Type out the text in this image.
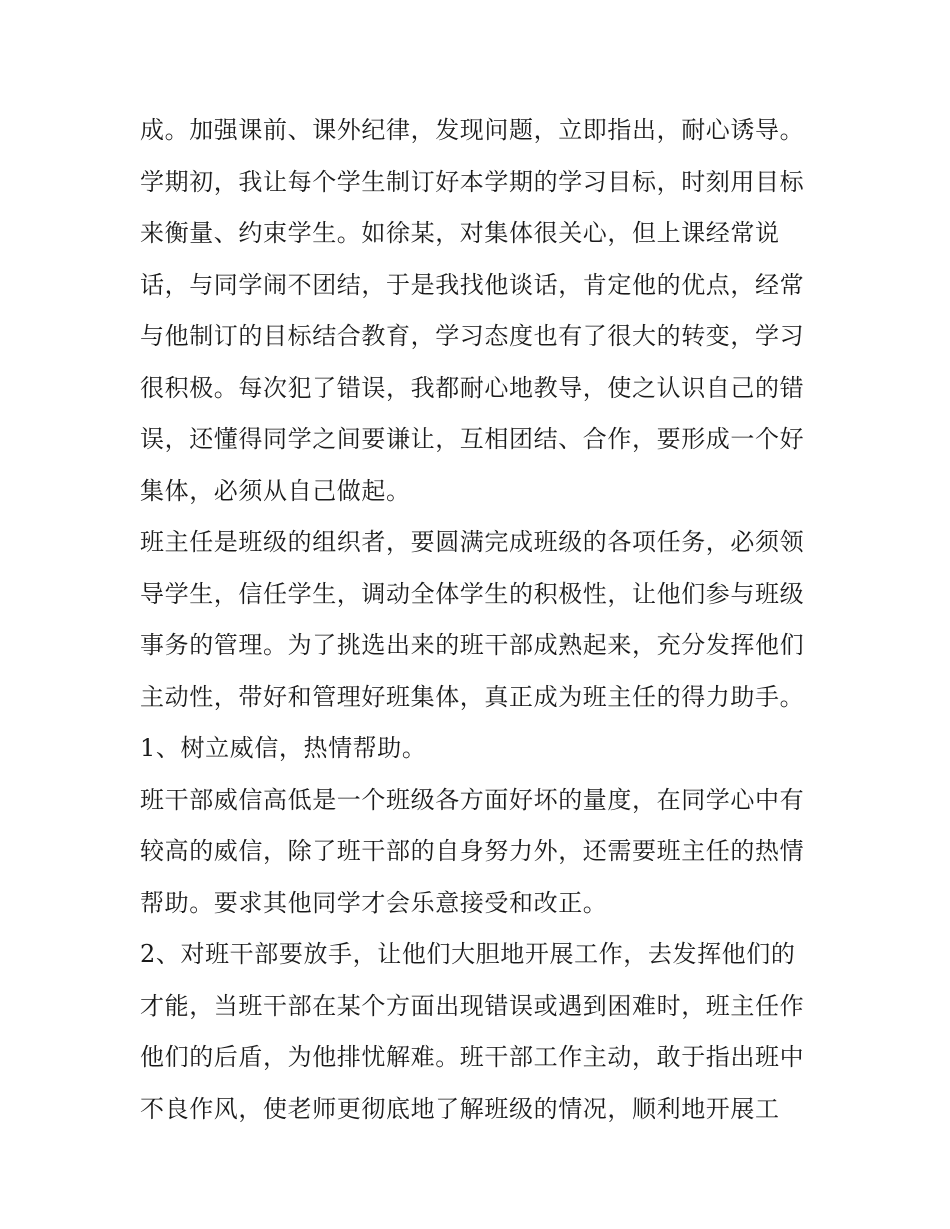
成。加强课前、课外纪律，发现问题，立即指出，耐心诱导。
学期初，我让每个学生制订好本学期的学习目标，时刻用目标
来衡量、约束学生。如徐某，对集体很关心，但上课经常说
话，与同学闹不团结，于是我找他谈话，肯定他的优点，经常
与他制订的目标结合教育，学习态度也有了很大的转变，学习
很积极。每次犯了错误，我都耐心地教导，使之认识自己的错
误，还懂得同学之间要谦让，互相团结、合作，要形成一个好
集体，必须从自己做起。
班主任是班级的组织者，要圆满完成班级的各项任务，必须领
导学生，信任学生，调动全体学生的积极性，让他们参与班级
事务的管理。为了挑选出来的班干部成熟起来，充分发挥他们
主动性，带好和管理好班集体，真正成为班主任的得力助手。
1、树立威信，热情帮助。
班干部威信高低是一个班级各方面好坏的量度，在同学心中有
较高的威信，除了班干部的自身努力外，还需要班主任的热情
帮助。要求其他同学才会乐意接受和改正。
2、对班干部要放手，让他们大胆地开展工作，去发挥他们的
才能，当班干部在某个方面出现错误或遇到困难时，班主任作
他们的后盾，为他排忧解难。班干部工作主动，敢于指出班中
不良作风，使老师更彻底地了解班级的情况，顺利地开展工
